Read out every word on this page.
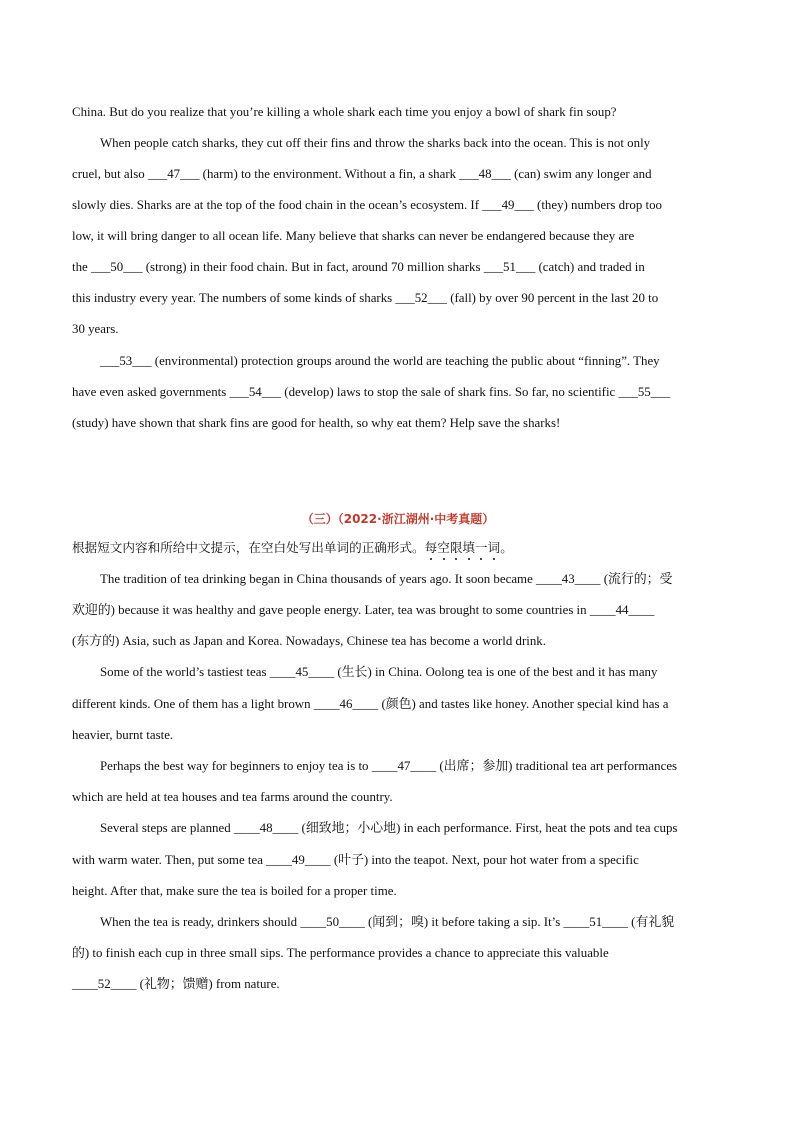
China. But do you realize that you’re killing a whole shark each time you enjoy a bowl of shark fin soup?
When people catch sharks, they cut off their fins and throw the sharks back into the ocean. This is not only
cruel, but also ___47___ (harm) to the environment. Without a fin, a shark ___48___ (can) swim any longer and
slowly dies. Sharks are at the top of the food chain in the ocean’s ecosystem. If ___49___ (they) numbers drop too
low, it will bring danger to all ocean life. Many believe that sharks can never be endangered because they are
the ___50___ (strong) in their food chain. But in fact, around 70 million sharks ___51___ (catch) and traded in
this industry every year. The numbers of some kinds of sharks ___52___ (fall) by over 90 percent in the last 20 to
30 years.
___53___ (environmental) protection groups around the world are teaching the public about “finning”. They
have even asked governments ___54___ (develop) laws to stop the sale of shark fins. So far, no scientific ___55___
(study) have shown that shark fins are good for health, so why eat them? Help save the sharks!
（三）（2022·浙江湖州·中考真题）
根据短文内容和所给中文提示，在空白处写出单词的正确形式。每空限填一词。
The tradition of tea drinking began in China thousands of years ago. It soon became ____43____ (流行的；受
欢迎的) because it was healthy and gave people energy. Later, tea was brought to some countries in ____44____
(东方的) Asia, such as Japan and Korea. Nowadays, Chinese tea has become a world drink.
Some of the world’s tastiest teas ____45____ (生长) in China. Oolong tea is one of the best and it has many
different kinds. One of them has a light brown ____46____ (颜色) and tastes like honey. Another special kind has a
heavier, burnt taste.
Perhaps the best way for beginners to enjoy tea is to ____47____ (出席；参加) traditional tea art performances
which are held at tea houses and tea farms around the country.
Several steps are planned ____48____ (细致地；小心地) in each performance. First, heat the pots and tea cups
with warm water. Then, put some tea ____49____ (叶子) into the teapot. Next, pour hot water from a specific
height. After that, make sure the tea is boiled for a proper time.
When the tea is ready, drinkers should ____50____ (闻到；嗅) it before taking a sip. It’s ____51____ (有礼貌
的) to finish each cup in three small sips. The performance provides a chance to appreciate this valuable
____52____ (礼物；馈赠) from nature.
